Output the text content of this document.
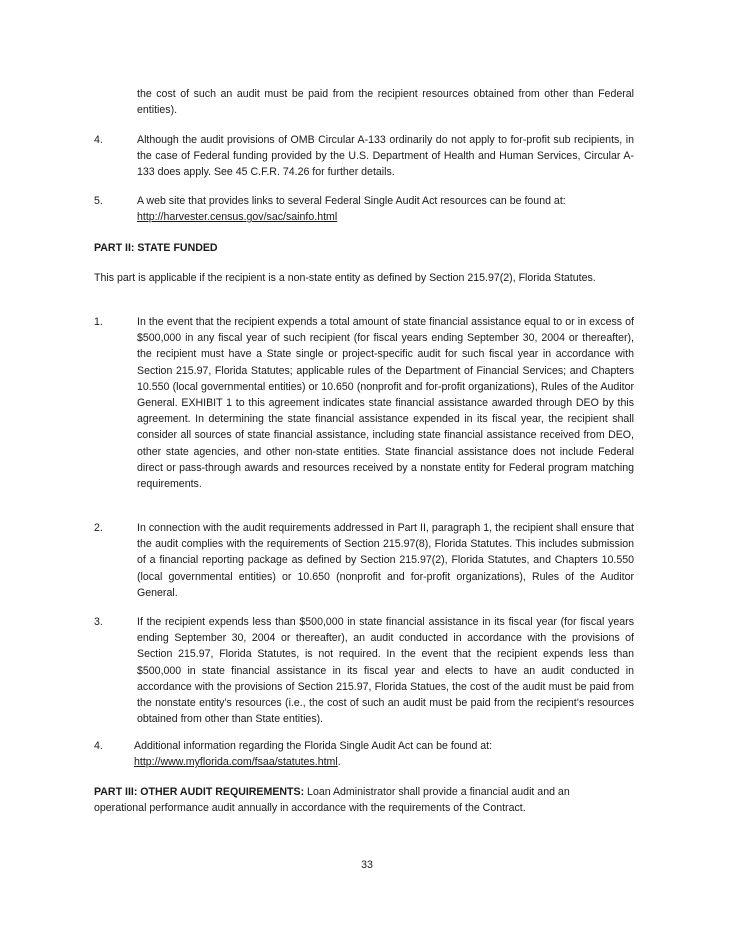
the cost of such an audit must be paid from the recipient resources obtained from other than Federal entities).
4.	Although the audit provisions of OMB Circular A-133 ordinarily do not apply to for-profit sub recipients, in the case of Federal funding provided by the U.S. Department of Health and Human Services, Circular A-133 does apply. See 45 C.F.R. 74.26 for further details.
5.	A web site that provides links to several Federal Single Audit Act resources can be found at:
http://harvester.census.gov/sac/sainfo.html
PART II: STATE FUNDED
This part is applicable if the recipient is a non-state entity as defined by Section 215.97(2), Florida Statutes.
1.	In the event that the recipient expends a total amount of state financial assistance equal to or in excess of $500,000 in any fiscal year of such recipient (for fiscal years ending September 30, 2004 or thereafter), the recipient must have a State single or project-specific audit for such fiscal year in accordance with Section 215.97, Florida Statutes; applicable rules of the Department of Financial Services; and Chapters 10.550 (local governmental entities) or 10.650 (nonprofit and for-profit organizations), Rules of the Auditor General. EXHIBIT 1 to this agreement indicates state financial assistance awarded through DEO by this agreement. In determining the state financial assistance expended in its fiscal year, the recipient shall consider all sources of state financial assistance, including state financial assistance received from DEO, other state agencies, and other non-state entities. State financial assistance does not include Federal direct or pass-through awards and resources received by a nonstate entity for Federal program matching requirements.
2.	In connection with the audit requirements addressed in Part II, paragraph 1, the recipient shall ensure that the audit complies with the requirements of Section 215.97(8), Florida Statutes. This includes submission of a financial reporting package as defined by Section 215.97(2), Florida Statutes, and Chapters 10.550 (local governmental entities) or 10.650 (nonprofit and for-profit organizations), Rules of the Auditor General.
3.	If the recipient expends less than $500,000 in state financial assistance in its fiscal year (for fiscal years ending September 30, 2004 or thereafter), an audit conducted in accordance with the provisions of Section 215.97, Florida Statutes, is not required. In the event that the recipient expends less than $500,000 in state financial assistance in its fiscal year and elects to have an audit conducted in accordance with the provisions of Section 215.97, Florida Statues, the cost of the audit must be paid from the nonstate entity’s resources (i.e., the cost of such an audit must be paid from the recipient’s resources obtained from other than State entities).
4.	Additional information regarding the Florida Single Audit Act can be found at:
http://www.myflorida.com/fsaa/statutes.html.
PART III: OTHER AUDIT REQUIREMENTS: Loan Administrator shall provide a financial audit and an operational performance audit annually in accordance with the requirements of the Contract.
33
